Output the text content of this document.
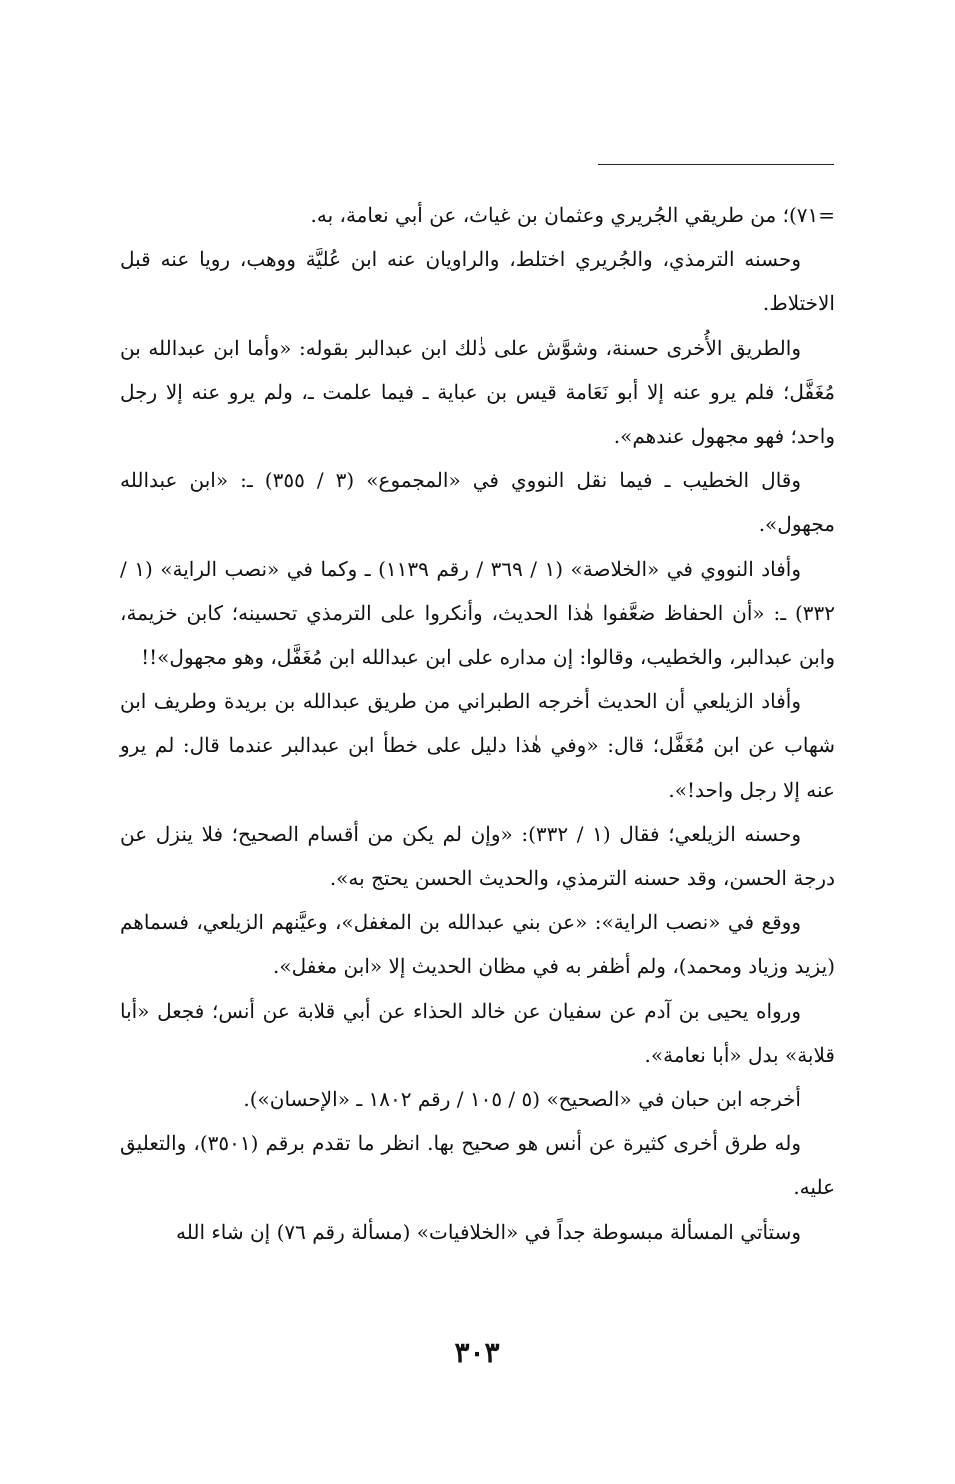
=٧١)؛ من طريقي الجُريري وعثمان بن غياث، عن أبي نعامة، به.

وحسنه الترمذي، والجُريري اختلط، والراويان عنه ابن عُليَّة ووهب، رويا عنه قبل الاختلاط.

والطريق الأُخرى حسنة، وشوَّش على ذٰلك ابن عبدالبر بقوله: «وأما ابن عبدالله بن مُغَفَّل؛ فلم يرو عنه إلا أبو نَعَامة قيس بن عباية ـ فيما علمت ـ، ولم يرو عنه إلا رجل واحد؛ فهو مجهول عندهم».

وقال الخطيب ـ فيما نقل النووي في «المجموع» (٣ / ٣٥٥) ـ: «ابن عبدالله مجهول».

وأفاد النووي في «الخلاصة» (١ / ٣٦٩ / رقم ١١٣٩) ـ وكما في «نصب الراية» (١ / ٣٣٢) ـ: «أن الحفاظ ضعَّفوا هٰذا الحديث، وأنكروا على الترمذي تحسينه؛ كابن خزيمة، وابن عبدالبر، والخطيب، وقالوا: إن مداره على ابن عبدالله ابن مُغَفَّل، وهو مجهول»!!

وأفاد الزيلعي أن الحديث أخرجه الطبراني من طريق عبدالله بن بريدة وطريف ابن شهاب عن ابن مُغَفَّل؛ قال: «وفي هٰذا دليل على خطأ ابن عبدالبر عندما قال: لم يرو عنه إلا رجل واحد!».

وحسنه الزيلعي؛ فقال (١ / ٣٣٢): «وإن لم يكن من أقسام الصحيح؛ فلا ينزل عن درجة الحسن، وقد حسنه الترمذي، والحديث الحسن يحتج به».

ووقع في «نصب الراية»: «عن بني عبدالله بن المغفل»، وعيَّنهم الزيلعي، فسماهم (يزيد وزياد ومحمد)، ولم أظفر به في مظان الحديث إلا «ابن مغفل».

ورواه يحيى بن آدم عن سفيان عن خالد الحذاء عن أبي قلابة عن أنس؛ فجعل «أبا قلابة» بدل «أبا نعامة».

أخرجه ابن حبان في «الصحيح» (٥ / ١٠٥ / رقم ١٨٠٢ ـ «الإحسان»).

وله طرق أخرى كثيرة عن أنس هو صحيح بها. انظر ما تقدم برقم (٣٥٠١)، والتعليق عليه.

وستأتي المسألة مبسوطة جداً في «الخلافيات» (مسألة رقم ٧٦) إن شاء الله

٣٠٣
